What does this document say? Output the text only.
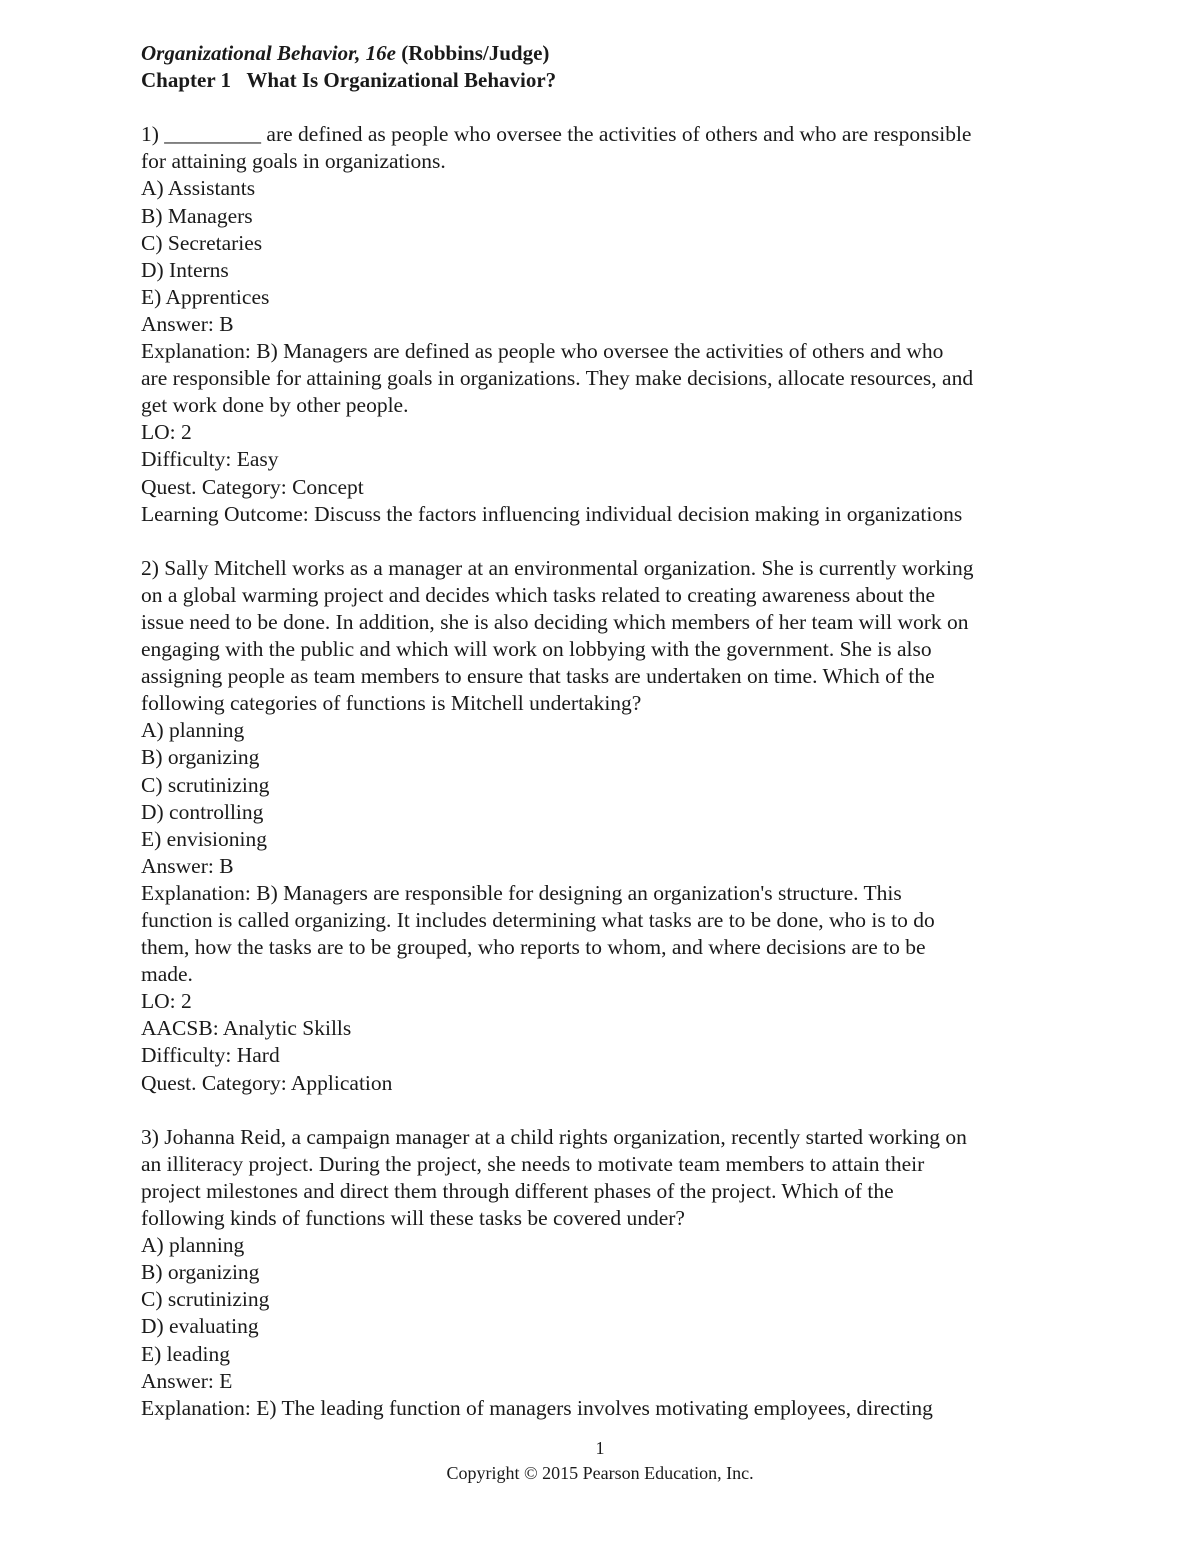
Organizational Behavior, 16e (Robbins/Judge)
Chapter 1   What Is Organizational Behavior?
1) _________ are defined as people who oversee the activities of others and who are responsible
for attaining goals in organizations.
A) Assistants
B) Managers
C) Secretaries
D) Interns
E) Apprentices
Answer: B
Explanation: B) Managers are defined as people who oversee the activities of others and who
are responsible for attaining goals in organizations. They make decisions, allocate resources, and
get work done by other people.
LO: 2
Difficulty: Easy
Quest. Category: Concept
Learning Outcome: Discuss the factors influencing individual decision making in organizations
2) Sally Mitchell works as a manager at an environmental organization. She is currently working
on a global warming project and decides which tasks related to creating awareness about the
issue need to be done. In addition, she is also deciding which members of her team will work on
engaging with the public and which will work on lobbying with the government. She is also
assigning people as team members to ensure that tasks are undertaken on time. Which of the
following categories of functions is Mitchell undertaking?
A) planning
B) organizing
C) scrutinizing
D) controlling
E) envisioning
Answer: B
Explanation: B) Managers are responsible for designing an organization's structure. This
function is called organizing. It includes determining what tasks are to be done, who is to do
them, how the tasks are to be grouped, who reports to whom, and where decisions are to be
made.
LO: 2
AACSB: Analytic Skills
Difficulty: Hard
Quest. Category: Application
3) Johanna Reid, a campaign manager at a child rights organization, recently started working on
an illiteracy project. During the project, she needs to motivate team members to attain their
project milestones and direct them through different phases of the project. Which of the
following kinds of functions will these tasks be covered under?
A) planning
B) organizing
C) scrutinizing
D) evaluating
E) leading
Answer: E
Explanation: E) The leading function of managers involves motivating employees, directing
1
Copyright © 2015 Pearson Education, Inc.
